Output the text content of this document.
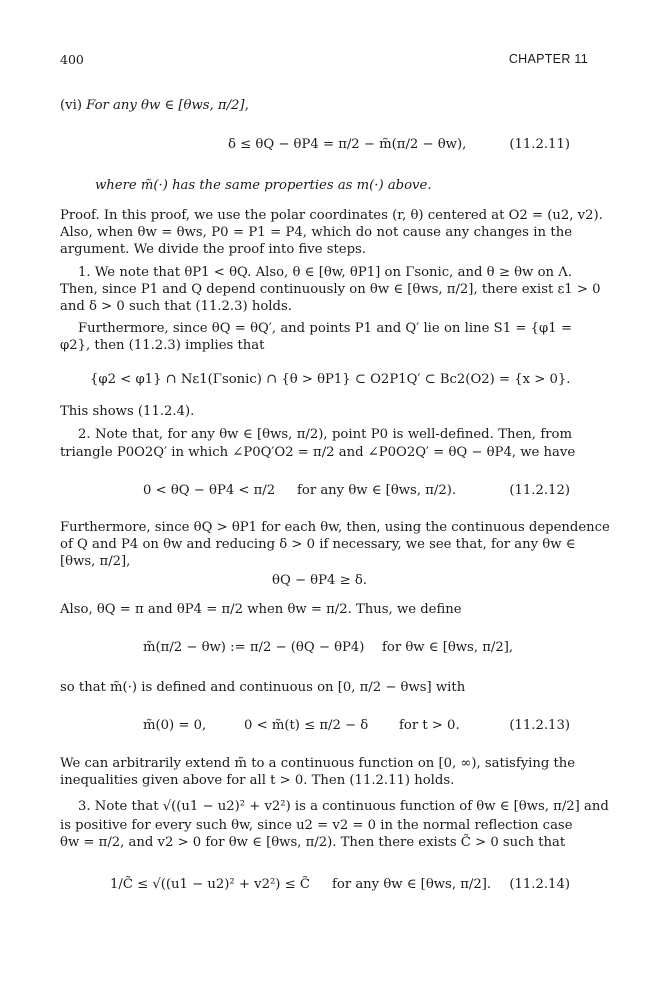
400	CHAPTER 11
(vi) For any θw ∈ [θws, π/2],
δ ≤ θQ − θP4 = π/2 − m̃(π/2 − θw),	(11.2.11)
where m̃(·) has the same properties as m(·) above.
Proof. In this proof, we use the polar coordinates (r, θ) centered at O2 = (u2, v2).
Also, when θw = θws, P0 = P1 = P4, which do not cause any changes in the
argument. We divide the proof into five steps.
1. We note that θP1 < θQ. Also, θ ∈ [θw, θP1] on Γsonic, and θ ≥ θw on Λ.
Then, since P1 and Q depend continuously on θw ∈ [θws, π/2], there exist ε1 > 0
and δ > 0 such that (11.2.3) holds.
Furthermore, since θQ = θQ′, and points P1 and Q′ lie on line S1 = {φ1 =
φ2}, then (11.2.3) implies that
{φ2 < φ1} ∩ Nε1(Γsonic) ∩ {θ > θP1} ⊂ O2P1Q′ ⊂ Bc2(O2) = {x > 0}.
This shows (11.2.4).
2. Note that, for any θw ∈ [θws, π/2), point P0 is well-defined. Then, from
triangle P0O2Q′ in which ∠P0Q′O2 = π/2 and ∠P0O2Q′ = θQ − θP4, we have
0 < θQ − θP4 < π/2 for any θw ∈ [θws, π/2).	(11.2.12)
Furthermore, since θQ > θP1 for each θw, then, using the continuous dependence
of Q and P4 on θw and reducing δ > 0 if necessary, we see that, for any θw ∈
[θws, π/2],
θQ − θP4 ≥ δ.
Also, θQ = π and θP4 = π/2 when θw = π/2. Thus, we define
m̃(π/2 − θw) := π/2 − (θQ − θP4) for θw ∈ [θws, π/2],
so that m̃(·) is defined and continuous on [0, π/2 − θws] with
m̃(0) = 0,	0 < m̃(t) ≤ π/2 − δ for t > 0.	(11.2.13)
We can arbitrarily extend m̃ to a continuous function on [0, ∞), satisfying the
inequalities given above for all t > 0. Then (11.2.11) holds.
3. Note that √((u1 − u2)² + v2²) is a continuous function of θw ∈ [θws, π/2] and
is positive for every such θw, since u2 = v2 = 0 in the normal reflection case
θw = π/2, and v2 > 0 for θw ∈ [θws, π/2). Then there exists C̃ > 0 such that
1/C̃ ≤ √((u1 − u2)² + v2²) ≤ C̃ for any θw ∈ [θws, π/2]. (11.2.14)
